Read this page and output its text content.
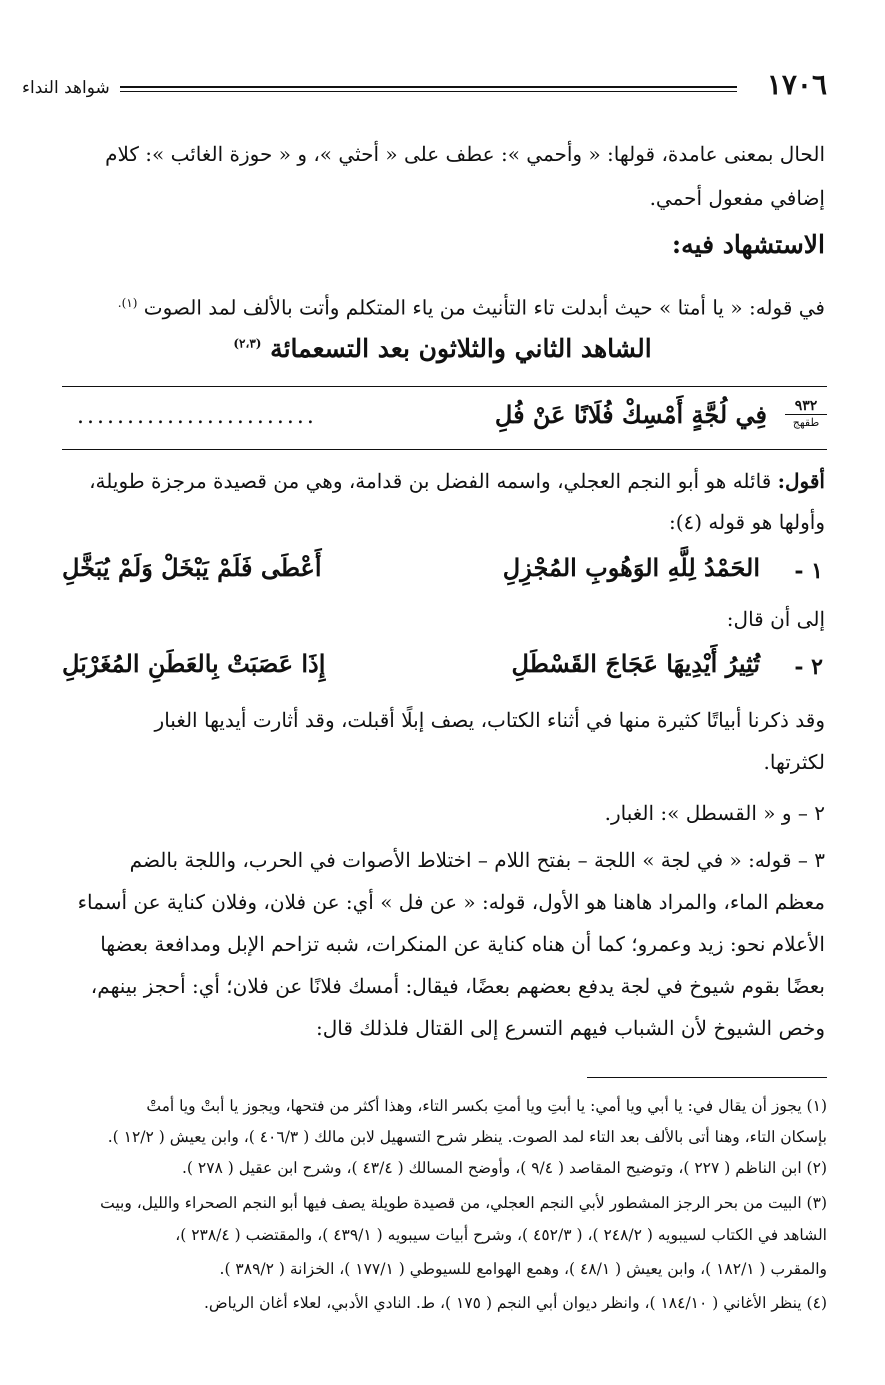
١٧٠٦
شواهد النداء
الحال بمعنى عامدة، قولها: « وأحمي »: عطف على « أحثي »، و « حوزة الغائب »: كلام
إضافي مفعول أحمي.
الاستشهاد فيه:
في قوله: « يا أمتا » حيث أبدلت تاء التأنيث من ياء المتكلم وأتت بالألف لمد الصوت $^{(١).}$
الشاهد الثاني والثلاثون بعد التسعمائة $^{(٢،٣)}$
٩٣٢
طقهج
فِي لُجَّةٍ أَمْسِكْ فُلَانًا عَنْ فُلِ
........................
أقول: قائله هو أبو النجم العجلي، واسمه الفضل بن قدامة، وهي من قصيدة مرجزة طويلة،
وأولها هو قوله (٤):
١ -
الحَمْدُ لِلَّهِ الوَهُوبِ المُجْزِلِ
أَعْطَى فَلَمْ يَبْخَلْ وَلَمْ يُبَخَّلِ
إلى أن قال:
٢ -
تُثِيرُ أَيْدِيهَا عَجَاجَ القَسْطَلِ
إِذَا عَصَبَتْ بِالعَطَنِ المُغَرْبَلِ
وقد ذكرنا أبياتًا كثيرة منها في أثناء الكتاب، يصف إبلًا أقبلت، وقد أثارت أيديها الغبار
لكثرتها.
٢ – و « القسطل »: الغبار.
٣ – قوله: « في لجة » اللجة – بفتح اللام – اختلاط الأصوات في الحرب، واللجة بالضم
معظم الماء، والمراد هاهنا هو الأول، قوله: « عن فل » أي: عن فلان، وفلان كناية عن أسماء
الأعلام نحو: زيد وعمرو؛ كما أن هناه كناية عن المنكرات، شبه تزاحم الإبل ومدافعة بعضها
بعضًا بقوم شيوخ في لجة يدفع بعضهم بعضًا، فيقال: أمسك فلانًا عن فلان؛ أي: أحجز بينهم،
وخص الشيوخ لأن الشباب فيهم التسرع إلى القتال فلذلك قال:
(١) يجوز أن يقال في: يا أبي ويا أمي: يا أبتِ ويا أمتِ بكسر التاء، وهذا أكثر من فتحها، ويجوز يا أبتْ ويا أمتْ
بإسكان التاء، وهنا أتى بالألف بعد التاء لمد الصوت. ينظر شرح التسهيل لابن مالك ( ٤٠٦/٣ )، وابن يعيش ( ١٢/٢ ).
(٢) ابن الناظم ( ٢٢٧ )، وتوضيح المقاصد ( ٩/٤ )، وأوضح المسالك ( ٤٣/٤ )، وشرح ابن عقيل ( ٢٧٨ ).
(٣) البيت من بحر الرجز المشطور لأبي النجم العجلي، من قصيدة طويلة يصف فيها أبو النجم الصحراء والليل، وبيت
الشاهد في الكتاب لسيبويه ( ٢٤٨/٢ )، ( ٤٥٢/٣ )، وشرح أبيات سيبويه ( ٤٣٩/١ )، والمقتضب ( ٢٣٨/٤ )،
والمقرب ( ١٨٢/١ )، وابن يعيش ( ٤٨/١ )، وهمع الهوامع للسيوطي ( ١٧٧/١ )، الخزانة ( ٣٨٩/٢ ).
(٤) ينظر الأغاني ( ١٨٤/١٠ )، وانظر ديوان أبي النجم ( ١٧٥ )، ط. النادي الأدبي، لعلاء أغان الرياض.
